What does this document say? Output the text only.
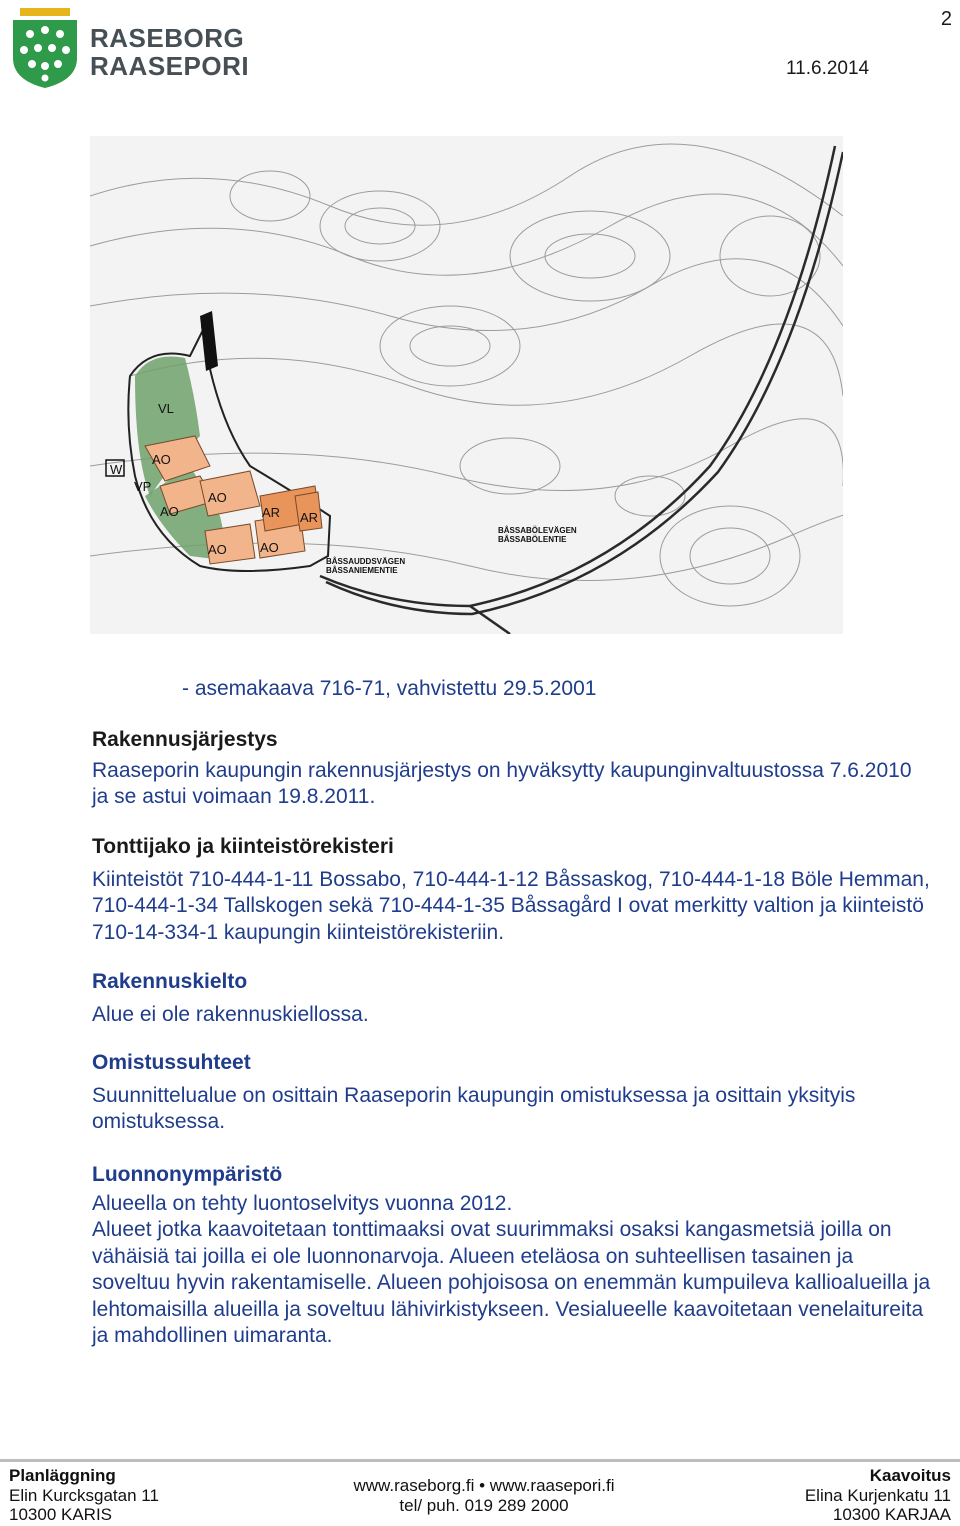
RASEBORG
RAASEPORI
2
11.6.2014
VL
W
VP
AO
AO
AO
AO	AO
AR AR
BÅSSABÖLEVÄGEN
BÅSSABÖLENTIE
BÅSSAUDDSVÄGEN
BÅSSANIEMENTIE
- asemakaava 716-71, vahvistettu 29.5.2001
Rakennusjärjestys

Raaseporin kaupungin rakennusjärjestys on hyväksytty kaupunginvaltuustossa 7.6.2010 ja se astui voimaan 19.8.2011.

Tonttijako ja kiinteistörekisteri

Kiinteistöt 710-444-1-11 Bossabo, 710-444-1-12 Båssaskog, 710-444-1-18 Böle Hemman, 710-444-1-34 Tallskogen sekä 710-444-1-35 Båssagård I ovat merkitty valtion ja kiinteistö 710-14-334-1 kaupungin kiinteistörekisteriin.

Rakennuskielto

Alue ei ole rakennuskiellossa.

Omistussuhteet

Suunnittelualue on osittain Raaseporin kaupungin omistuksessa ja osittain yksityis omistuksessa.

Luonnonympäristö

Alueella on tehty luontoselvitys vuonna 2012.

Alueet jotka kaavoitetaan tonttimaaksi ovat suurimmaksi osaksi kangasmetsiä joilla on vähäisiä tai joilla ei ole luonnonarvoja. Alueen eteläosa on suhteellisen tasainen ja soveltuu hyvin rakentamiselle. Alueen pohjoisosa on enemmän kumpuileva kallioalueilla ja lehtomaisilla alueilla ja soveltuu lähivirkistykseen. Vesialueelle kaavoitetaan venelaitureita ja mahdollinen uimaranta.

Planläggning
Elin Kurcksgatan 11
10300 KARIS
www.raseborg.fi • www.raasepori.fi
tel/ puh. 019 289 2000
Kaavoitus
Elina Kurjenkatu 11
10300 KARJAA
